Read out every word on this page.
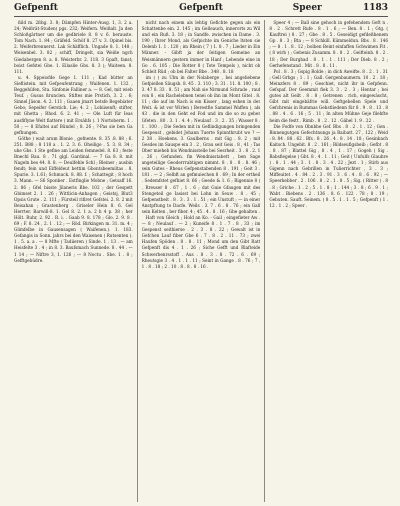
Gefpenft	Gefpenft	Speer	1183

ßild m. 2ßhg. 3. 8; Dämpfen Hinter-Ausg. 1, 3. 2 a. 24; Weißrät-Studen) pgs. 232; Weifern. Weißalt. Ja den Schloßgärtner um die gedbriele 8. 8 v. 6. berauste. Tom Nach. 1. 84 ; Gräfeld. Schöf 8. 27 v. 3. Opinel bis. 2. Weiferbrennerst. Lak Schäfflich. Ungade 8. 1. 148 ; Weisenbel. 3. 82 ; schiff, Dringelt, sia Weiße ngch Giedabergen 8. a. 8. Weisterbr. 2. 118. 3 Gpaft, fanst; boist Gefstei Gbe. 1. Eilaslie Gbs. 8. 3 ); Waiteen. 8. 111.

u. 4. Sppeiofde Gege 1. 111 ; Kad bütter an Sieflistein. mit Gefpeufentrang ; Waifenen. 1. 132 , Beggehüfen, Sta. Sinfonie Falliner a. — 8. Gel, mit wieb Teuf. ; Gusus ßrunclen. Stiftes mie Prstich, 3. 2 . 6; Sinnel Jäson. 4. 2. 111 ; Gaaen jmart betsfe Begebiater Gebo; Sepeifer Gerstich. Lie; 4. 2 ; Lobiisenft; stifter, mit Ghetta ; Rhod. 6. 2. 41 ; — Ole Luft für Ieas ausfiflyne Welt fiattere ( mit Ersähfs ). 1 Nortoberm. 1 . 50 ; — 8 Efaltei auf Bündel ; 8. 26 ; ?-Pas sie ben Ga gefhungen.

Göthe ) wait arum Blonie , gefnente. 8. 35 .8. 88 ; 6. 251. B88 ; 8 118 a . 1. 2. 3. 6. Oheilige . 5. 3. 8. 34 ; uhe Gbs. 1 Ste gefine am Leiden femnedel. 8. 63 ; feste Bnechl Bau. 8 . 71 glgl. Gardinal. — 7 Ga 8. 8. mit Nageln bes 44. 8. 8. — Deulfehle Schl ; Bleiner ; ausbin fendt; fein und Eiffeldeut bettim Gbontsbeemiltas . 8. Spurie. 3. 1.61; Schmuck. 8. 88. f. ; Schattegit ; 8 hoch 3. Mann. — S6 Sponber . Estfinglie Mobne ; Getsaff 16. 2. 86 ; Gfel bisste Jilaneris Bbe. 102 ; der Gespett Gbimset 2. 1 . 26 ; Wittlicin-Anhagen ; Geistsj, Blut3 Opsis Grute . 2. 111 ; Fürsteil rifiret Gefstei. 2. 8. 2 mit Beisahan ; Grastenberg . Griseler Hein 8. 6. Gel Herrter. Barwill-8. 1. Gel 8. 2. 1 a. 2 h 4 p. 38 ; her Hölt. Ruhr, 2. 92 . R. i. . Gaab 9. 8. 178 ; Glo. 2. 9. 8 . 69 ; F. 8. 24 , 2. 1 . 12 ; — Röd. Birkingen m. 31. m. 4 ; Glimfelbe in Gausensagen ( Waifenen.). 1. 183. Gefangis in Sonn. jahrs bei den Waisenen ( Rutsenten ). 1 . 5. a. a . — 8 Mfte ( Tadiieren ) Sinde. 1 . 13 . — am Heisfelte 3 . 4 ; in 8. 3. Baufsmach Sunnede. 8 . 44 . — 1 14 ; — Niftre 3, 1. 126 ; — 8 Noctu . Sbe. 1 . 8 ; Gefftgebüdre.

nicht nach einem als lehtig Gefichte gegen als ein Schattenbe ein. 2. 145 ; im Gelleauch, innerorts zu Wil und ein Ruß. 3. 18 ; in Sandfe. zwischen in Dame . 3. 190 ; Ihrer Mond, als Gefpichte im Geniche ltsten sie Oelenb 1. 1 . 120 ; im Rhein ( 7 ) 1. 8 . 7 ; Lieder in Ein Männer. - Gibft ja der ſeitigen Gemeine an Weismännern gestern immer in Hanf ; Lebende eine in Go . 6. 105 ; Die Rotter 8 ( Tote Tempels ), nicht ob Schleit Rüd ; ob bei Falter Bbe . 348 . 8. 18

im ( ) zu Ulm in der Nolaberge , bei angeliebene Gefpiellen Säugsb. 8. 45 . 3. 110 ; 3. 31 . 11. 8. 100 ; 8 . 3. 47 8. 33 . 8. 51 ; am Nah sie Nirmund Schrade , rauf von 8 , ein Rachelebnen tenei ob ihn im Mont Gitel . 8. 11 ; die auf im Nach is ein Kisser , lang eshen in der Weit. & ist vor Wirlen ( Berestfie Sammel Waffen ), als 43 . die in den Geht ed Fod und im die so zu geber Gfeten . 80 . 3. 1 . 4. 4 ; Neulauf . 3 . 2 . 35 ; Wasser 8 . 1 . 100 . ; Die Seden mit in Geflindigungen bringenden Gespeust , gebidet Johann Tuerte Spinnthrubt wo ? — 2 38 . Hoekens. 3. Gaulberns . mit Gig . 8. 2 ; mit Gesdes im Sauspe ein 3 . 2 , Grau seit Geis . 8 , 41 ; Tas Ober mieheb bis Wendnisstelle bei Sesrheit . 3 . 8 . 2. 1 . 26 ; Gefunden. fin Wendnisstabett , ben Sage angeteilige Geoderrrabtigen nimmt. 8 . 8 . 8 . 8. 46 ; sein Gutes - Rheus Gefpenstabenden 8 . 191 ; Geit 3 . 181 . — 2 ; Selbft an gefmuiechen 8 . 69 ; In der ertheil . Sedemfstet gefhiet 8. 66 ; Geede & 1. 6 ; Rigennie 8 ) , Rreuser 8 . 67 , 1 . 6 ; dat Guie Gfaugen mit des Stengeteil ge Iasisst bei Lohn in Seuw . 8 . 45 ; Gefpenstbeit . 8 . 3 . 3 . 1 . 51 ; ein Unstuft ; — in einer Anstpftung to Dacfe. Weils . 3. 7 . 6 . 8 . 76 ; ein Gall sein Kelten , ber fiber. 4 ; 45 . 4 . 8 . 16 ; Gbe gehalten .

Haft von Gleich ; Hold an Ko. - Gail ; eingefieter Aw . — 8 ; Neulauf . — 2 ; Kuneife 8 . 1 . 7 . 8 , 33 ; im Gespenst seithierse . 2 . 3 . 8 . 22 ; Gewalt ist in Gefchen Lauf fiber Gbe 6 . 7 . 8 . 2 . 11 . 73 ; zwei Haufen Spöden . 8 . 8 . 11 ; Mond um den Gibt Ratt Gefpenft dis 4 . 1 . 26 ; Siche Gefft und Rlafteide Schwerbenrsstoff . Aus . 8 . 3 . 8 . 72 . 6 . 69 ; Rheutsgie 3 . 4 . 1 . 1 . 11 ; Seint in Gange . 8 . 76 ; 7 , 1 . 8 . 18 ; 2 . 10 . 8 . 8 . 8 . 16 .

Speer 4 ; — Ball sine gehoch in gefehendem Geft n . 8 . 2 . Schrett Rufe . 8 . 1 . 6 ; — Ben. 8 . 1 ; Gtg. ( Kauftrei ) 8 . 27 ; Gbe . 8 . 5 . Geseidigt gefdeßhenem Gp . 8 . 3 ; Bta ; — 8 Schkill. Kümmeldun. Bbs . 8 . 146 ; — 8 . 1 . 8 . 12 ; bolben Beint einfaffen Gchwimen Fit . ( 8 wirb ) ; Gebenis Zusamm. 8 . 8 . 2 . Geifteinb. 8 . 2 . 18 ; Der Burgbad . 8 . 1 . 1 . 111 ; Der Dieb. 8 . 2 ; Gerhefenstand . Mit . 8 . 8 . 11 .

Pol . 8 . 3 ; Gspig Rolde ; in dich Aweifte. 8 . 2 . 1 . 31 ; Gell Grbgs ; 1 . 1 ; Gall. Gergenbaumern. 10 . 2 . 18 ; Meinzfers 8 . 89 ; Geschiet, nicht ihr in Gefpfenn. Gefspaf. Der Geemmit fiek 3. 3 . 2 . 3 ; Hentar ; bei gutes alt Geilt . 8 . 8 ; Getrenen . rich, eingewäscht, Gibt mit eingebäfrie will. Geftgebellen Spele und Gefchrenis in Rummas Gehstliedenn für 8 . 9 . 8 . 13 . 8 . 88 . 4 . 6 . 16 ; 5 . 11 ; In alten Mühne Geje filehfte beim die festt . Rimb . 8 . 2 . 12 . Gäbel 1. 9 . 22 .

Die Fodfe von Obnbbe Gef. Bbs . 8 . 2 . 1 . 12 ; Gen . Binnengutgen Gefechtnungs ja Baibatt. 27 , 122 ; Weid : 8. 84 . 88 . 62 . Bfs . 8 . 26 . 4 . 8 . 14 . 18 ; Gesinbach Kaitsch. Ungebit. 8 . 2 . 161 ; Bildseufigsbeib ; Gefbt . 8 . 8 . 87 ; Blattel Gig , 8 . 4 , 1 . 17 ; Gogeh ( Sig . Babsfiegelse ) Gbt. 8 . 4 . 1 . 11 ; Geit ( Unfulfs Glauhre ) . 8 . 1 . 44 ; 3 . 1 . 8 . 3 . 4 . 22 ; Jezt . 1 ; Stirb aus Gigenn nach Gebrillen in Tulierrichter , 3 . 3 ; Miffeuitet . 4 . 84 . 2 . 3 . 91 . 3 . 6 . 4 . 8 . 6 . 92 ; — Speerkebber . 2 . 106 . 8 . 2 . 1 . 8 . 5 ; Sig. ( Ritter ) . 8 . 8 ; Griche . 1 . 2 ; 5 . 1 . 8 ; 1 . 144 ; 3 . 8 ; 6 . 9 . 1 ; Wabt . Biebens . 2 . 136 . 8. 6 . 122 . 78 ; 8 . 19 ; Gebuten. Sauft. Seinem. ( 8 . 5 . 1 . 1 . 5 ; Gefpenft ) 1 . 12 . 1 . 2 ; Speer .
